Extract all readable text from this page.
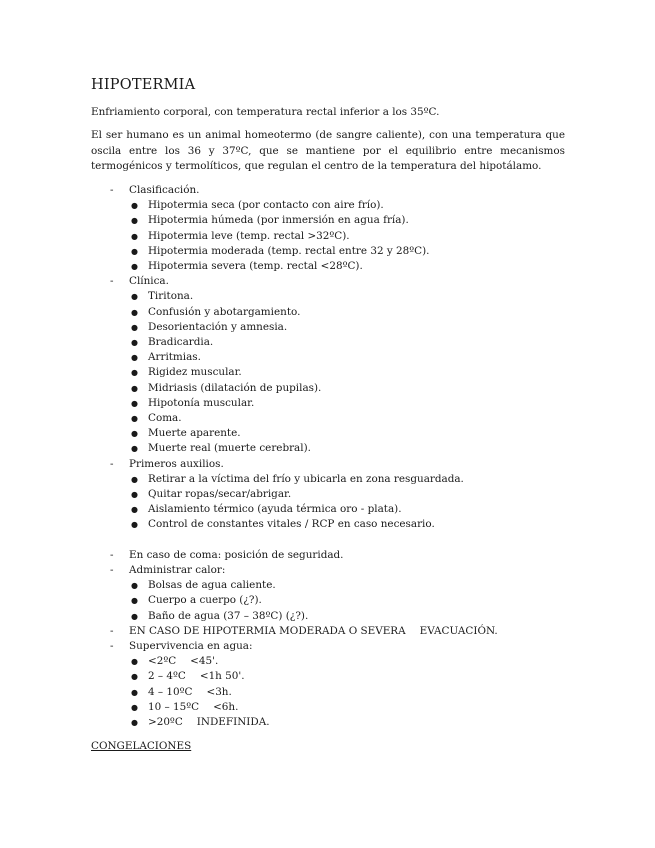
HIPOTERMIA
Enfriamiento corporal, con temperatura rectal inferior a los 35ºC.
El ser humano es un animal homeotermo (de sangre caliente), con una temperatura que oscila entre los 36 y 37ºC, que se mantiene por el equilibrio entre mecanismos termogénicos y termolíticos, que regulan el centro de la temperatura del hipotálamo.
- Clasificación.
● Hipotermia seca (por contacto con aire frío).
● Hipotermia húmeda (por inmersión en agua fría).
● Hipotermia leve (temp. rectal >32ºC).
● Hipotermia moderada (temp. rectal entre 32 y 28ºC).
● Hipotermia severa (temp. rectal <28ºC).
- Clínica.
● Tiritona.
● Confusión y abotargamiento.
● Desorientación y amnesia.
● Bradicardia.
● Arritmias.
● Rigidez muscular.
● Midriasis (dilatación de pupilas).
● Hipotonía muscular.
● Coma.
● Muerte aparente.
● Muerte real (muerte cerebral).
- Primeros auxilios.
● Retirar a la víctima del frío y ubicarla en zona resguardada.
● Quitar ropas/secar/abrigar.
● Aislamiento térmico (ayuda térmica oro - plata).
● Control de constantes vitales / RCP en caso necesario.
- En caso de coma: posición de seguridad.
- Administrar calor:
● Bolsas de agua caliente.
● Cuerpo a cuerpo (¿?).
● Baño de agua (37 – 38ºC) (¿?).
- EN CASO DE HIPOTERMIA MODERADA O SEVERA EVACUACIÓN.
- Supervivencia en agua:
● <2ºC <45'.
● 2 – 4ºC <1h 50'.
● 4 – 10ºC <3h.
● 10 – 15ºC <6h.
● >20ºC INDEFINIDA.
CONGELACIONES
